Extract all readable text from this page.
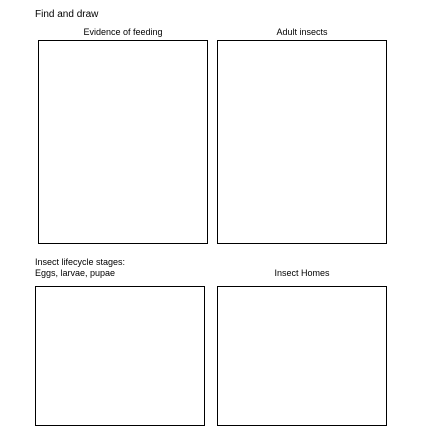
Find and draw
Evidence of feeding	Adult insects
Insect lifecycle stages:
Eggs, larvae, pupae	Insect Homes
